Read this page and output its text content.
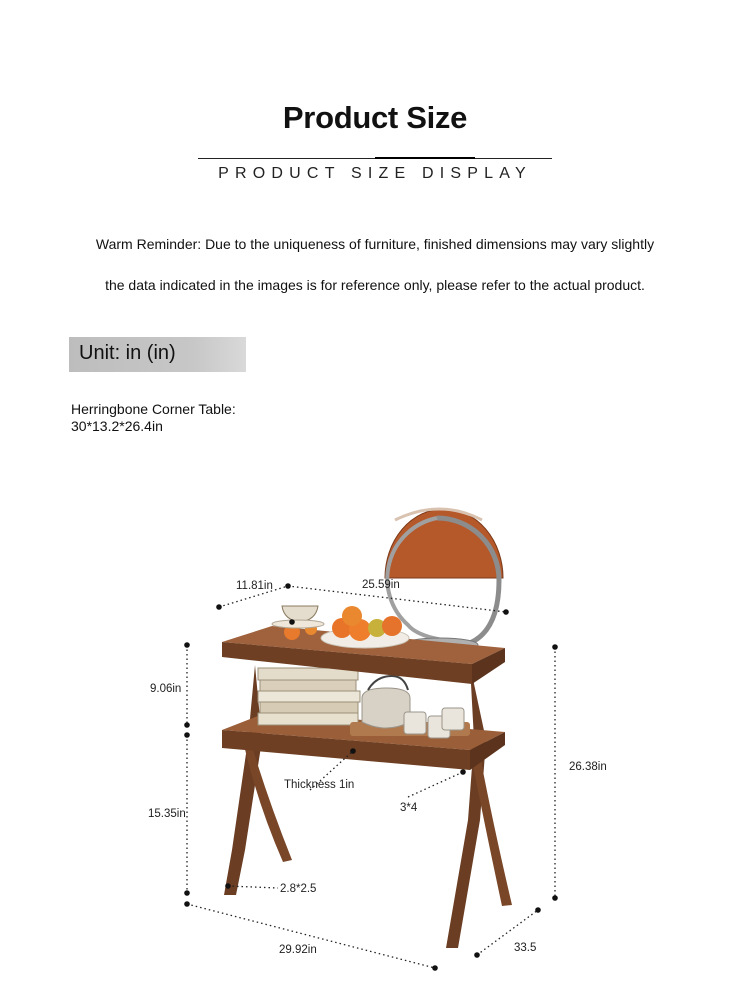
Product Size
PRODUCT SIZE DISPLAY
Warm Reminder: Due to the uniqueness of furniture, finished dimensions may vary slightly
the data indicated in the images is for reference only, please refer to the actual product.
Unit: in (in)
Herringbone Corner Table:
30*13.2*26.4in
11.81in	25.59in
9.06in
15.35in
26.38in
Thickness 1in
3*4
2.8*2.5
29.92in	33.5
